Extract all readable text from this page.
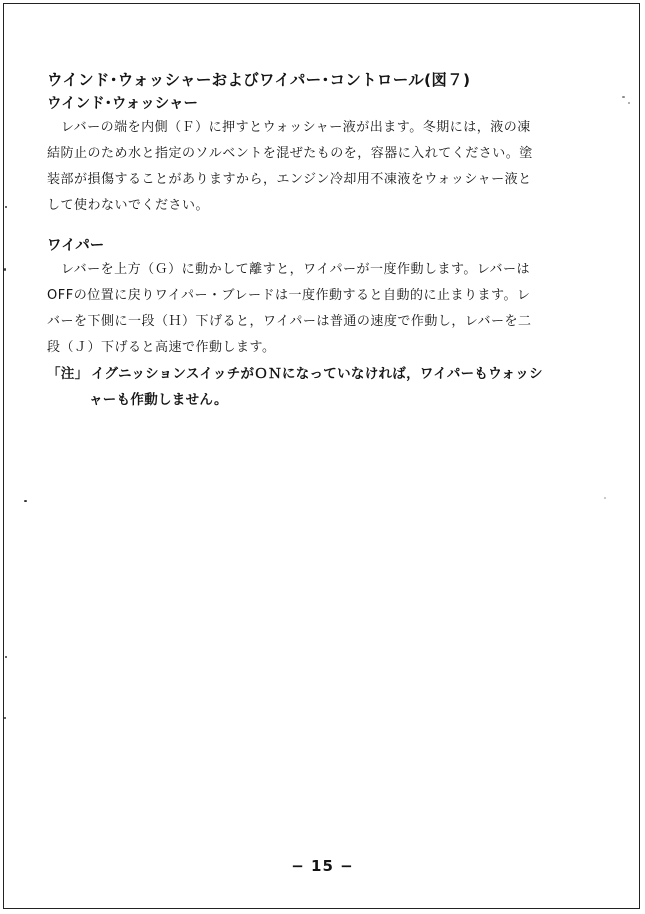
ウインド･ウォッシャーおよびワイパー･コントロール(図７)
ウインド･ウォッシャー

レバーの端を内側（Ｆ）に押すとウォッシャー液が出ます。冬期には，液の凍

結防止のため水と指定のソルベントを混ぜたものを，容器に入れてください。塗

装部が損傷することがありますから，エンジン冷却用不凍液をウォッシャー液と

して使わないでください。

ワイパー

レバーを上方（Ｇ）に動かして離すと，ワイパーが一度作動します。レバーは

OFFの位置に戻りワイパー・ブレードは一度作動すると自動的に止まります。レ

バーを下側に一段（Ｈ）下げると，ワイパーは普通の速度で作動し，レバーを二

段（Ｊ）下げると高速で作動します。

「注」 イグニッションスイッチがＯＮになっていなければ，ワイパーもウォッシ

ャーも作動しません。

− 15 −
